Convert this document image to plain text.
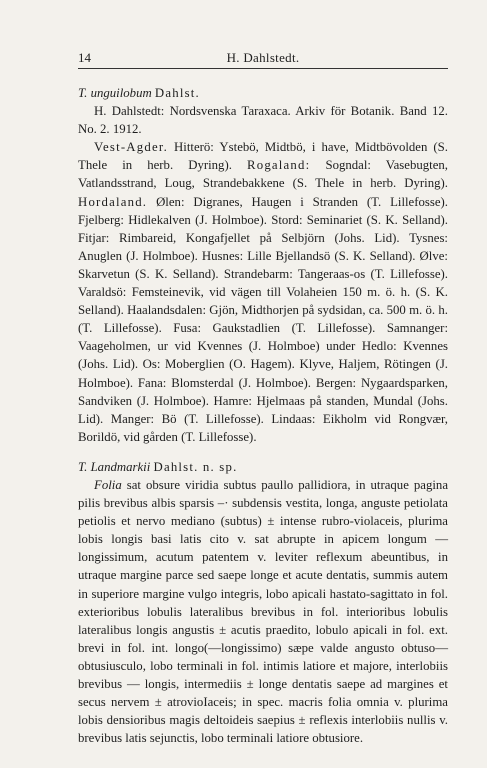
14	H. Dahlstedt.

T. unguilobum Dahlst.

H. Dahlstedt: Nordsvenska Taraxaca. Arkiv för Botanik. Band 12. No. 2. 1912.

Vest-Agder. Hitterö: Ystebö, Midtbö, i have, Midtbövolden (S. Thele in herb. Dyring). Rogaland: Sogndal: Vasebugten, Vatlandsstrand, Loug, Strandebakkene (S. Thele in herb. Dyring). Hordaland. Ølen: Digranes, Haugen i Stranden (T. Lillefosse). Fjelberg: Hidlekalven (J. Holmboe). Stord: Seminariet (S. K. Selland). Fitjar: Rimbareid, Kongafjellet på Selbjörn (Johs. Lid). Tysnes: Anuglen (J. Holmboe). Husnes: Lille Bjellandsö (S. K. Selland). Ølve: Skarvetun (S. K. Selland). Strandebarm: Tangeraas-os (T. Lillefosse). Varaldsö: Femsteinevik, vid vägen till Volaheien 150 m. ö. h. (S. K. Selland). Haalandsdalen: Gjön, Midthorjen på sydsidan, ca. 500 m. ö. h. (T. Lillefosse). Fusa: Gaukstadlien (T. Lillefosse). Samnanger: Vaageholmen, ur vid Kvennes (J. Holmboe) under Hedlo: Kvennes (Johs. Lid). Os: Moberglien (O. Hagem). Klyve, Haljem, Rötingen (J. Holmboe). Fana: Blomsterdal (J. Holmboe). Bergen: Nygaardsparken, Sandviken (J. Holmboe). Hamre: Hjelmaas på standen, Mundal (Johs. Lid). Manger: Bö (T. Lillefosse). Lindaas: Eikholm vid Rongvær, Borildö, vid gården (T. Lillefosse).

T. Landmarkii Dahlst. n. sp.

Folia sat obsure viridia subtus paullo pallidiora, in utraque pagina pilis brevibus albis sparsis –· subdensis vestita, longa, anguste petiolata petiolis et nervo mediano (subtus) ± intense rubro-violaceis, plurima lobis longis basi latis cito v. sat abrupte in apicem longum — longissimum, acutum patentem v. leviter reflexum abeuntibus, in utraque margine parce sed saepe longe et acute dentatis, summis autem in superiore margine vulgo integris, lobo apicali hastato-sagittato in fol. exterioribus lobulis lateralibus brevibus in fol. interioribus lobulis lateralibus longis angustis ± acutis praedito, lobulo apicali in fol. ext. brevi in fol. int. longo(—longissimo) sæpe valde angusto obtuso—obtusiusculo, lobo terminali in fol. intimis latiore et majore, interlobiis brevibus — longis, intermediis ± longe dentatis saepe ad margines et secus nervem ± atrovioIaceis; in spec. macris folia omnia v. plurima lobis densioribus magis deltoideis saepius ± reflexis interlobiis nullis v. brevibus latis sejunctis, lobo terminali latiore obtusiore.
